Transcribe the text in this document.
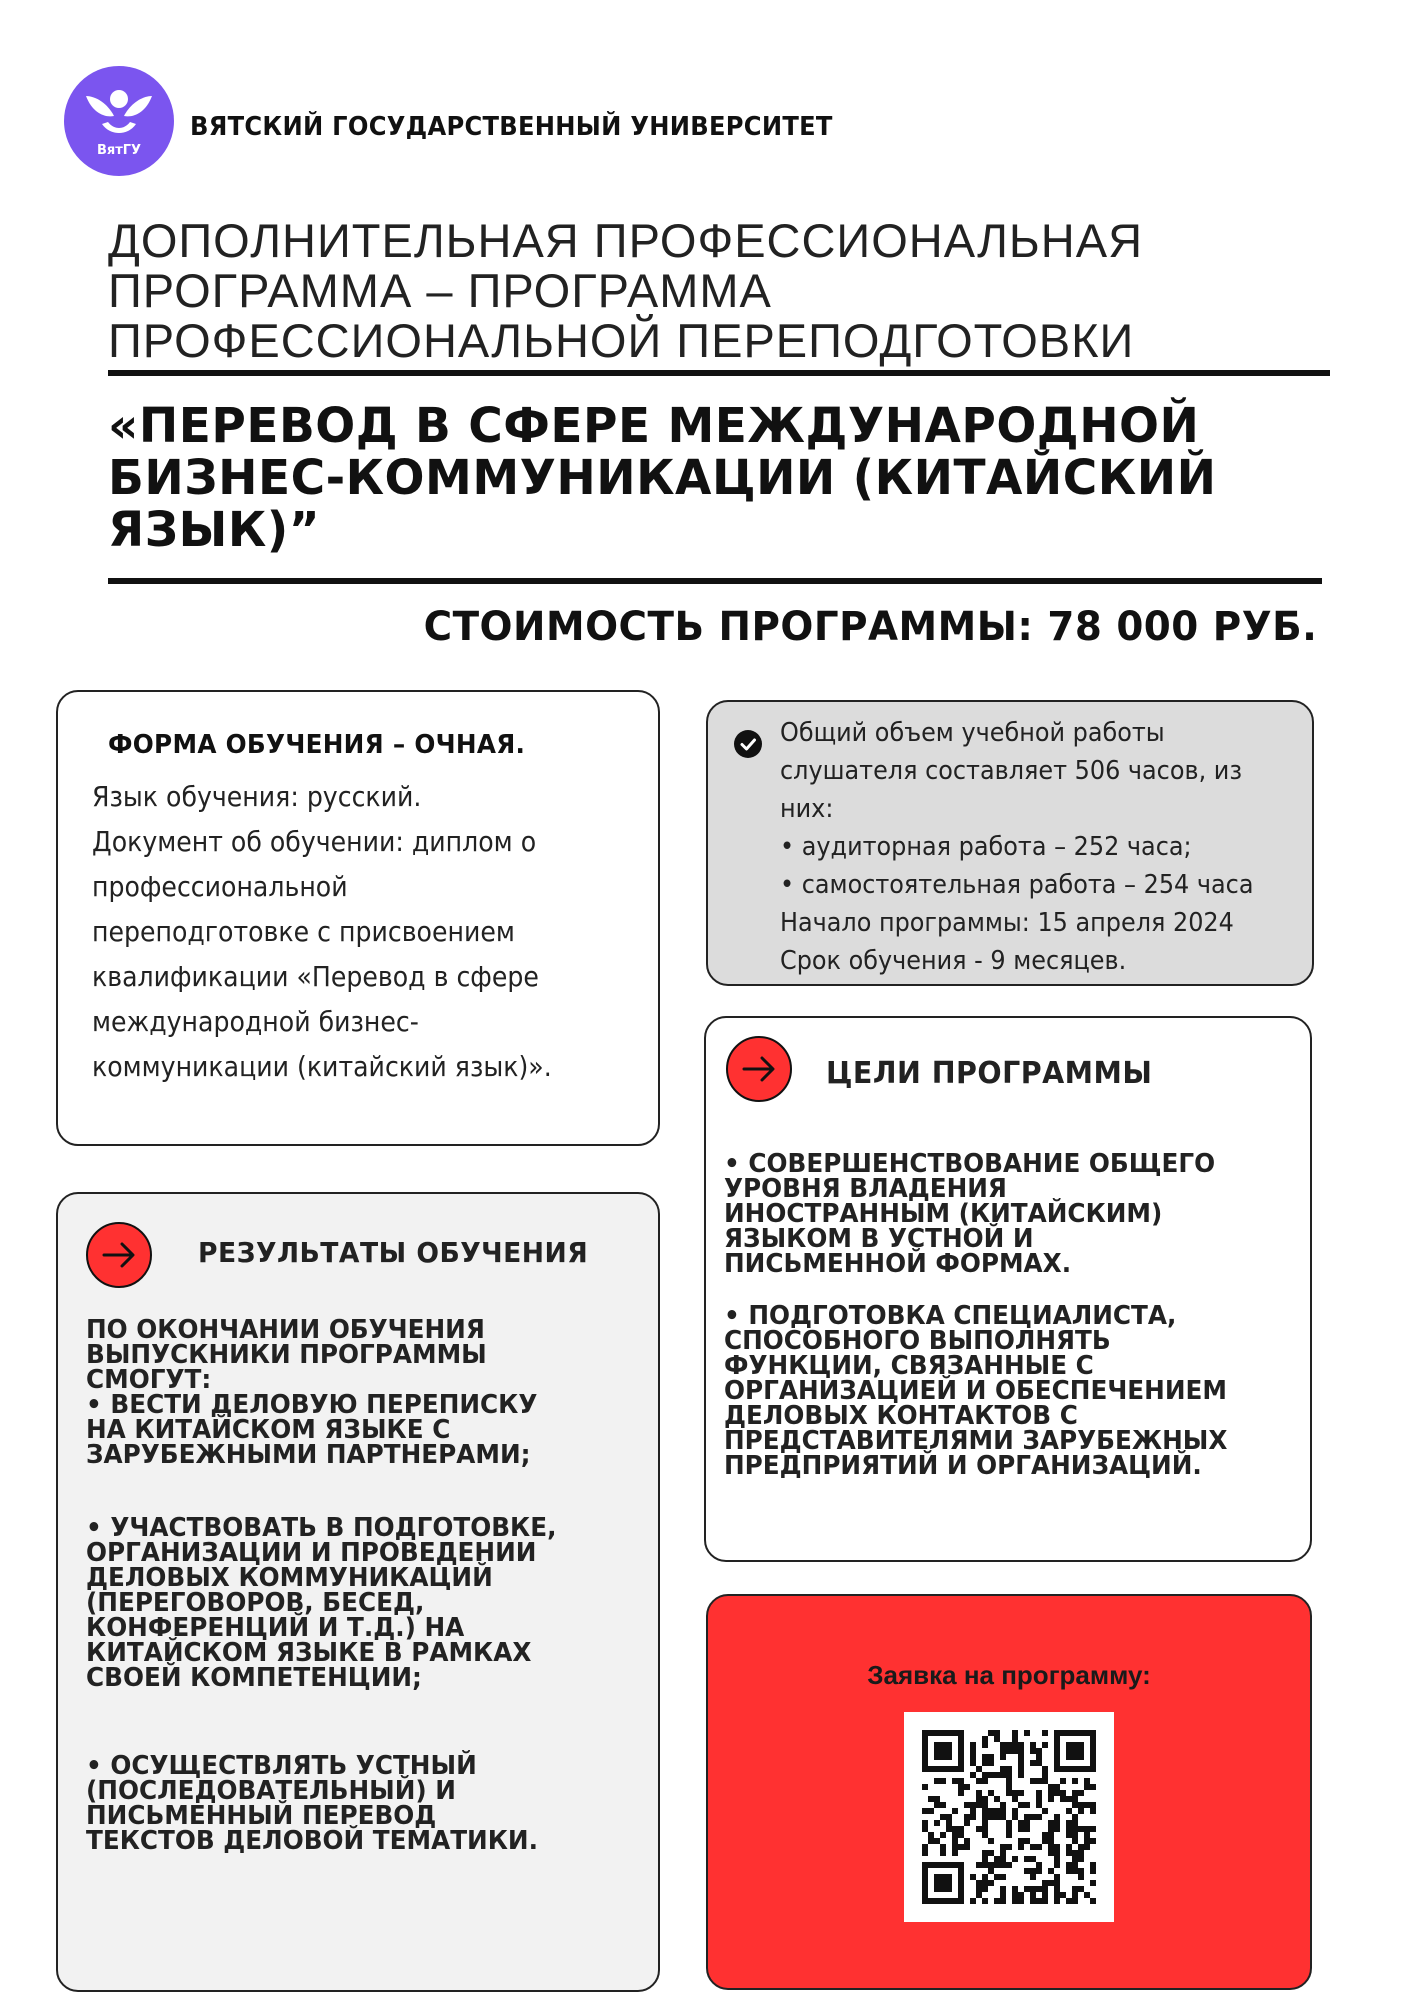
ВятГУ
ВЯТСКИЙ ГОСУДАРСТВЕННЫЙ УНИВЕРСИТЕТ
ДОПОЛНИТЕЛЬНАЯ ПРОФЕССИОНАЛЬНАЯ
ПРОГРАММА – ПРОГРАММА
ПРОФЕССИОНАЛЬНОЙ ПЕРЕПОДГОТОВКИ
«ПЕРЕВОД В СФЕРЕ МЕЖДУНАРОДНОЙ
БИЗНЕС-КОММУНИКАЦИИ (КИТАЙСКИЙ
ЯЗЫК)”
СТОИМОСТЬ ПРОГРАММЫ: 78 000 РУБ.
ФОРМА ОБУЧЕНИЯ – ОЧНАЯ.
Язык обучения: русский.
Документ об обучении: диплом о
профессиональной
переподготовке с присвоением
квалификации «Перевод в сфере
международной бизнес-
коммуникации (китайский язык)».
Общий объем учебной работы
слушателя составляет 506 часов, из
них:
• аудиторная работа – 252 часа;
• самостоятельная работа – 254 часа
Начало программы: 15 апреля 2024
Срок обучения - 9 месяцев.
ЦЕЛИ ПРОГРАММЫ
• СОВЕРШЕНСТВОВАНИЕ ОБЩЕГО
УРОВНЯ ВЛАДЕНИЯ
ИНОСТРАННЫМ (КИТАЙСКИМ)
ЯЗЫКОМ В УСТНОЙ И
ПИСЬМЕННОЙ ФОРМАХ.
• ПОДГОТОВКА СПЕЦИАЛИСТА,
СПОСОБНОГО ВЫПОЛНЯТЬ
ФУНКЦИИ, СВЯЗАННЫЕ С
ОРГАНИЗАЦИЕЙ И ОБЕСПЕЧЕНИЕМ
ДЕЛОВЫХ КОНТАКТОВ С
ПРЕДСТАВИТЕЛЯМИ ЗАРУБЕЖНЫХ
ПРЕДПРИЯТИЙ И ОРГАНИЗАЦИЙ.
РЕЗУЛЬТАТЫ ОБУЧЕНИЯ
ПО ОКОНЧАНИИ ОБУЧЕНИЯ
ВЫПУСКНИКИ ПРОГРАММЫ
СМОГУТ:
• ВЕСТИ ДЕЛОВУЮ ПЕРЕПИСКУ
НА КИТАЙСКОМ ЯЗЫКЕ С
ЗАРУБЕЖНЫМИ ПАРТНЕРАМИ;
• УЧАСТВОВАТЬ В ПОДГОТОВКЕ,
ОРГАНИЗАЦИИ И ПРОВЕДЕНИИ
ДЕЛОВЫХ КОММУНИКАЦИЙ
(ПЕРЕГОВОРОВ, БЕСЕД,
КОНФЕРЕНЦИЙ И Т.Д.) НА
КИТАЙСКОМ ЯЗЫКЕ В РАМКАХ
СВОЕЙ КОМПЕТЕНЦИИ;
• ОСУЩЕСТВЛЯТЬ УСТНЫЙ
(ПОСЛЕДОВАТЕЛЬНЫЙ) И
ПИСЬМЕННЫЙ ПЕРЕВОД
ТЕКСТОВ ДЕЛОВОЙ ТЕМАТИКИ.
Заявка на программу:
